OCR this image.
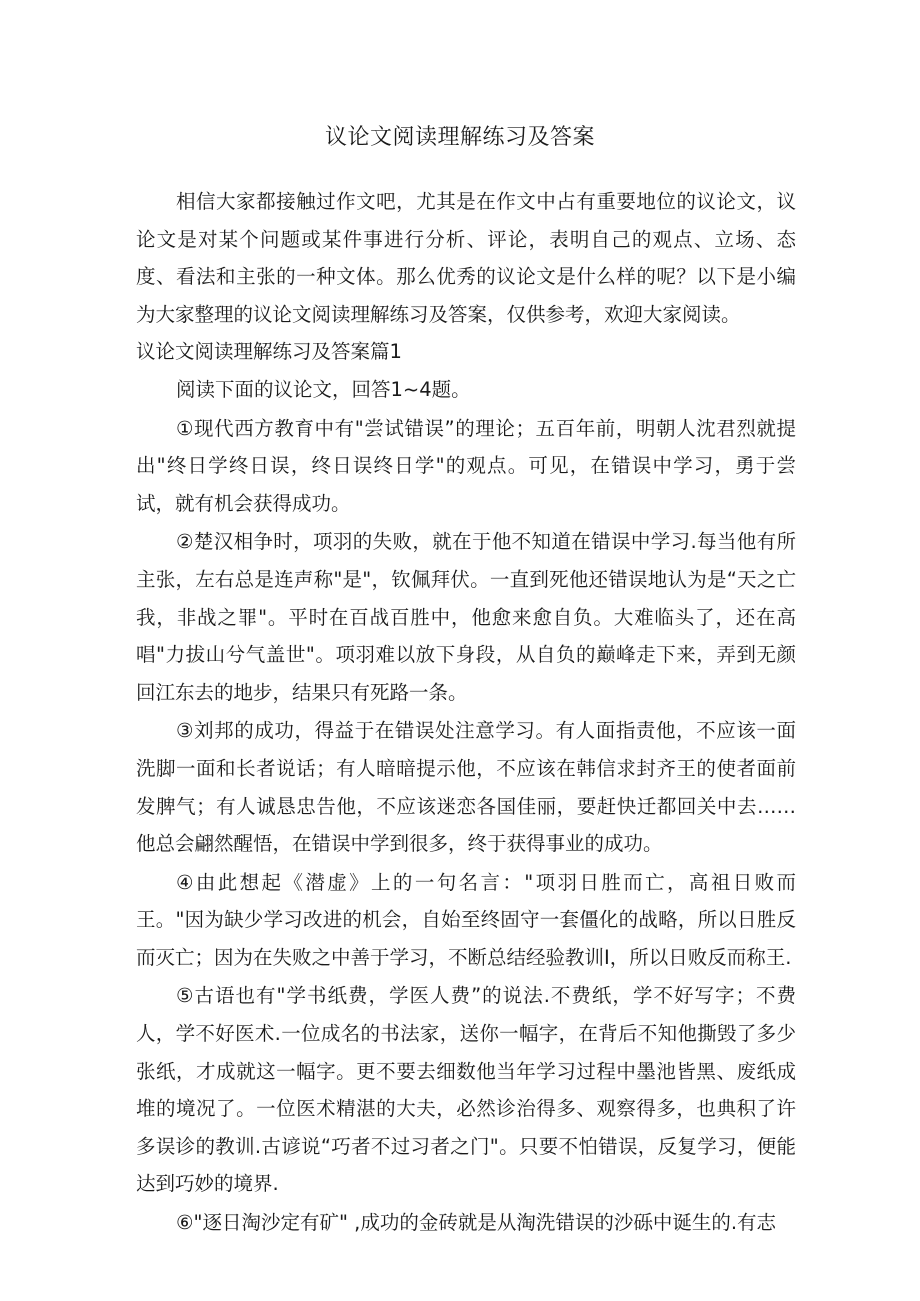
议论文阅读理解练习及答案

相信大家都接触过作文吧，尤其是在作文中占有重要地位的议论文，议论文是对某个问题或某件事进行分析、评论，表明自己的观点、立场、态度、看法和主张的一种文体。那么优秀的议论文是什么样的呢？以下是小编为大家整理的议论文阅读理解练习及答案，仅供参考，欢迎大家阅读。

议论文阅读理解练习及答案篇1

阅读下面的议论文，回答1~4题。

①现代西方教育中有"尝试错误”的理论；五百年前，明朝人沈君烈就提出"终日学终日误，终日误终日学"的观点。可见，在错误中学习，勇于尝试，就有机会获得成功。

②楚汉相争时，项羽的失败，就在于他不知道在错误中学习.每当他有所主张，左右总是连声称"是"，钦佩拜伏。一直到死他还错误地认为是“天之亡我，非战之罪"。平时在百战百胜中，他愈来愈自负。大难临头了，还在高唱"力拔山兮气盖世"。项羽难以放下身段，从自负的巅峰走下来，弄到无颜回江东去的地步，结果只有死路一条。

③刘邦的成功，得益于在错误处注意学习。有人面指责他，不应该一面洗脚一面和长者说话；有人暗暗提示他，不应该在韩信求封齐王的使者面前发脾气；有人诚恳忠告他，不应该迷恋各国佳丽，要赶快迁都回关中去……他总会翩然醒悟，在错误中学到很多，终于获得事业的成功。

④由此想起《潜虚》上的一句名言："项羽日胜而亡，高祖日败而王。"因为缺少学习改进的机会，自始至终固守一套僵化的战略，所以日胜反而灭亡；因为在失败之中善于学习，不断总结经验教训I，所以日败反而称王.

⑤古语也有"学书纸费，学医人费”的说法.不费纸，学不好写字；不费人，学不好医术.一位成名的书法家，送你一幅字，在背后不知他撕毁了多少张纸，才成就这一幅字。更不要去细数他当年学习过程中墨池皆黑、废纸成堆的境况了。一位医术精湛的大夫，必然诊治得多、观察得多，也典积了许多误诊的教训.古谚说“巧者不过习者之门"。只要不怕错误，反复学习，便能达到巧妙的境界.

⑥"逐日淘沙定有矿" ,成功的金砖就是从淘洗错误的沙砾中诞生的.有志
